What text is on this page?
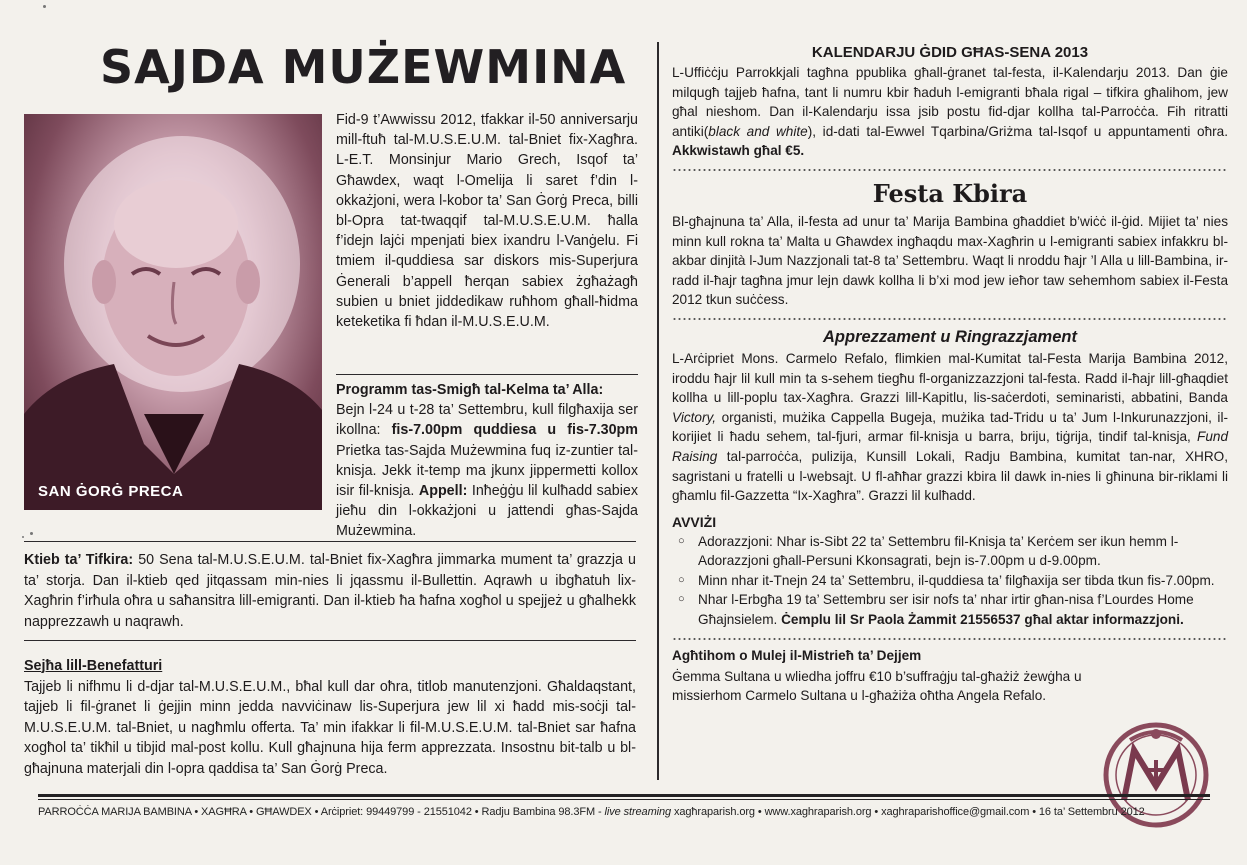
SAJDA MUŻEWMINA
SAN ĠORĠ PRECA
Fid-9 t’Awwissu 2012, tfakkar il-50 anniversarju mill-ftuħ tal-M.U.S.E.U.M. tal-Bniet fix-Xagħra. L-E.T. Monsinjur Mario Grech, Isqof ta’ Għawdex, waqt l-Omelija li saret f’din l-okkażjoni, wera l-kobor ta’ San Ġorġ Preca, billi bl-Opra tat-twaqqif tal-M.U.S.E.U.M. ħalla f’idejn lajċi mpenjati biex ixandru l-Vanġelu. Fi tmiem il-quddiesa sar diskors mis-Superjura Ġenerali b’appell ħerqan sabiex żgħażagħ subien u bniet jiddedikaw ruħhom għall-ħidma keteketika fi ħdan il-M.U.S.E.U.M.
Programm tas-Smigħ tal-Kelma ta’ Alla:
Bejn l-24 u t-28 ta’ Settembru, kull filgħaxija ser ikollna: fis-7.00pm quddiesa u fis-7.30pm Prietka tas-Sajda Mużewmina fuq iz-zuntier tal-knisja. Jekk it-temp ma jkunx jippermetti kollox isir fil-knisja. Appell: Inħeġġu lil kulħadd sabiex jieħu din l-okkażjoni u jattendi għas-Sajda Mużewmina.
Ktieb ta’ Tifkira: 50 Sena tal-M.U.S.E.U.M. tal-Bniet fix-Xagħra jimmarka mument ta’ grazzja u ta’ storja. Dan il-ktieb qed jitqassam min-nies li jqassmu il-Bullettin. Aqrawh u ibgħatuh lix-Xagħrin f’irħula oħra u saħansitra lill-emigranti. Dan il-ktieb ħa ħafna xogħol u spejjeż u għalhekk napprezzawh u naqrawh.
Sejħa lill-Benefatturi
Tajjeb li nifhmu li d-djar tal-M.U.S.E.U.M., bħal kull dar oħra, titlob manutenzjoni. Għaldaqstant, tajjeb li fil-ġranet li ġejjin minn jedda navviċinaw lis-Superjura jew lil xi ħadd mis-soċji tal-M.U.S.E.U.M. tal-Bniet, u nagħmlu offerta. Ta’ min ifakkar li fil-M.U.S.E.U.M. tal-Bniet sar ħafna xogħol ta’ tikħil u tibjid mal-post kollu. Kull għajnuna hija ferm apprezzata. Insostnu bit-talb u bl-għajnuna materjali din l-opra qaddisa ta’ San Ġorġ Preca.
KALENDARJU ĠDID GĦAS-SENA 2013
L-Uffiċċju Parrokkjali tagħna ppublika għall-ġranet tal-festa, il-Kalendarju 2013. Dan ġie milqugħ tajjeb ħafna, tant li numru kbir ħaduh l-emigranti bħala rigal – tifkira għalihom, jew għal nieshom. Dan il-Kalendarju issa jsib postu fid-djar kollha tal-Parroċċa. Fih ritratti antiki(black and white), id-dati tal-Ewwel Tqarbina/Griżma tal-Isqof u appuntamenti oħra. Akkwistawh għal €5.
Festa Kbira
Bl-għajnuna ta’ Alla, il-festa ad unur ta’ Marija Bambina għaddiet b’wiċċ il-ġid. Mijiet ta’ nies minn kull rokna ta’ Malta u Għawdex ingħaqdu max-Xagħrin u l-emigranti sabiex infakkru bl-akbar dinjità l-Jum Nazzjonali tat-8 ta’ Settembru. Waqt li nroddu ħajr ’l Alla u lill-Bambina, ir-radd il-ħajr tagħna jmur lejn dawk kollha li b’xi mod jew ieħor taw sehemhom sabiex il-Festa 2012 tkun suċċess.
Apprezzament u Ringrazzjament
L-Arċipriet Mons. Carmelo Refalo, flimkien mal-Kumitat tal-Festa Marija Bambina 2012, iroddu ħajr lil kull min ta s-sehem tiegħu fl-organizzazzjoni tal-festa. Radd il-ħajr lill-għaqdiet kollha u lill-poplu tax-Xagħra. Grazzi lill-Kapitlu, lis-saċerdoti, seminaristi, abbatini, Banda Victory, organisti, mużika Cappella Bugeja, mużika tad-Tridu u ta’ Jum l-Inkurunazzjoni, il-korijiet li ħadu sehem, tal-fjuri, armar fil-knisja u barra, briju, tiġrija, tindif tal-knisja, Fund Raising tal-parroċċa, pulizija, Kunsill Lokali, Radju Bambina, kumitat tan-nar, XHRO, sagristani u fratelli u l-websajt. U fl-aħħar grazzi kbira lil dawk in-nies li għinuna bir-riklami li għamlu fil-Gazzetta “Ix-Xagħra”. Grazzi lil kulħadd.
AVVIŻI
○ Adorazzjoni: Nhar is-Sibt 22 ta’ Settembru fil-Knisja ta’ Kerċem ser ikun hemm l-Adorazzjoni għall-Persuni Kkonsagrati, bejn is-7.00pm u d-9.00pm.
○ Minn nhar it-Tnejn 24 ta’ Settembru, il-quddiesa ta’ filgħaxija ser tibda tkun fis-7.00pm.
○ Nhar l-Erbgħa 19 ta’ Settembru ser isir nofs ta’ nhar irtir għan-nisa f’Lourdes Home Għajnsielem. Ċemplu lil Sr Paola Żammit 21556537 għal aktar informazzjoni.
Agħtihom o Mulej il-Mistrieħ ta’ Dejjem
Ġemma Sultana u wliedha joffru €10 b’suffraġju tal-għażiż żewġha u missierhom Carmelo Sultana u l-għażiża oħtha Angela Refalo.
PARROĊĊA MARIJA BAMBINA • XAGĦRA • GĦAWDEX • Arċipriet: 99449799 - 21551042 • Radju Bambina 98.3FM - live streaming xagħraparish.org • www.xaghraparish.org • xaghraparishoffice@gmail.com • 16 ta’ Settembru 2012
